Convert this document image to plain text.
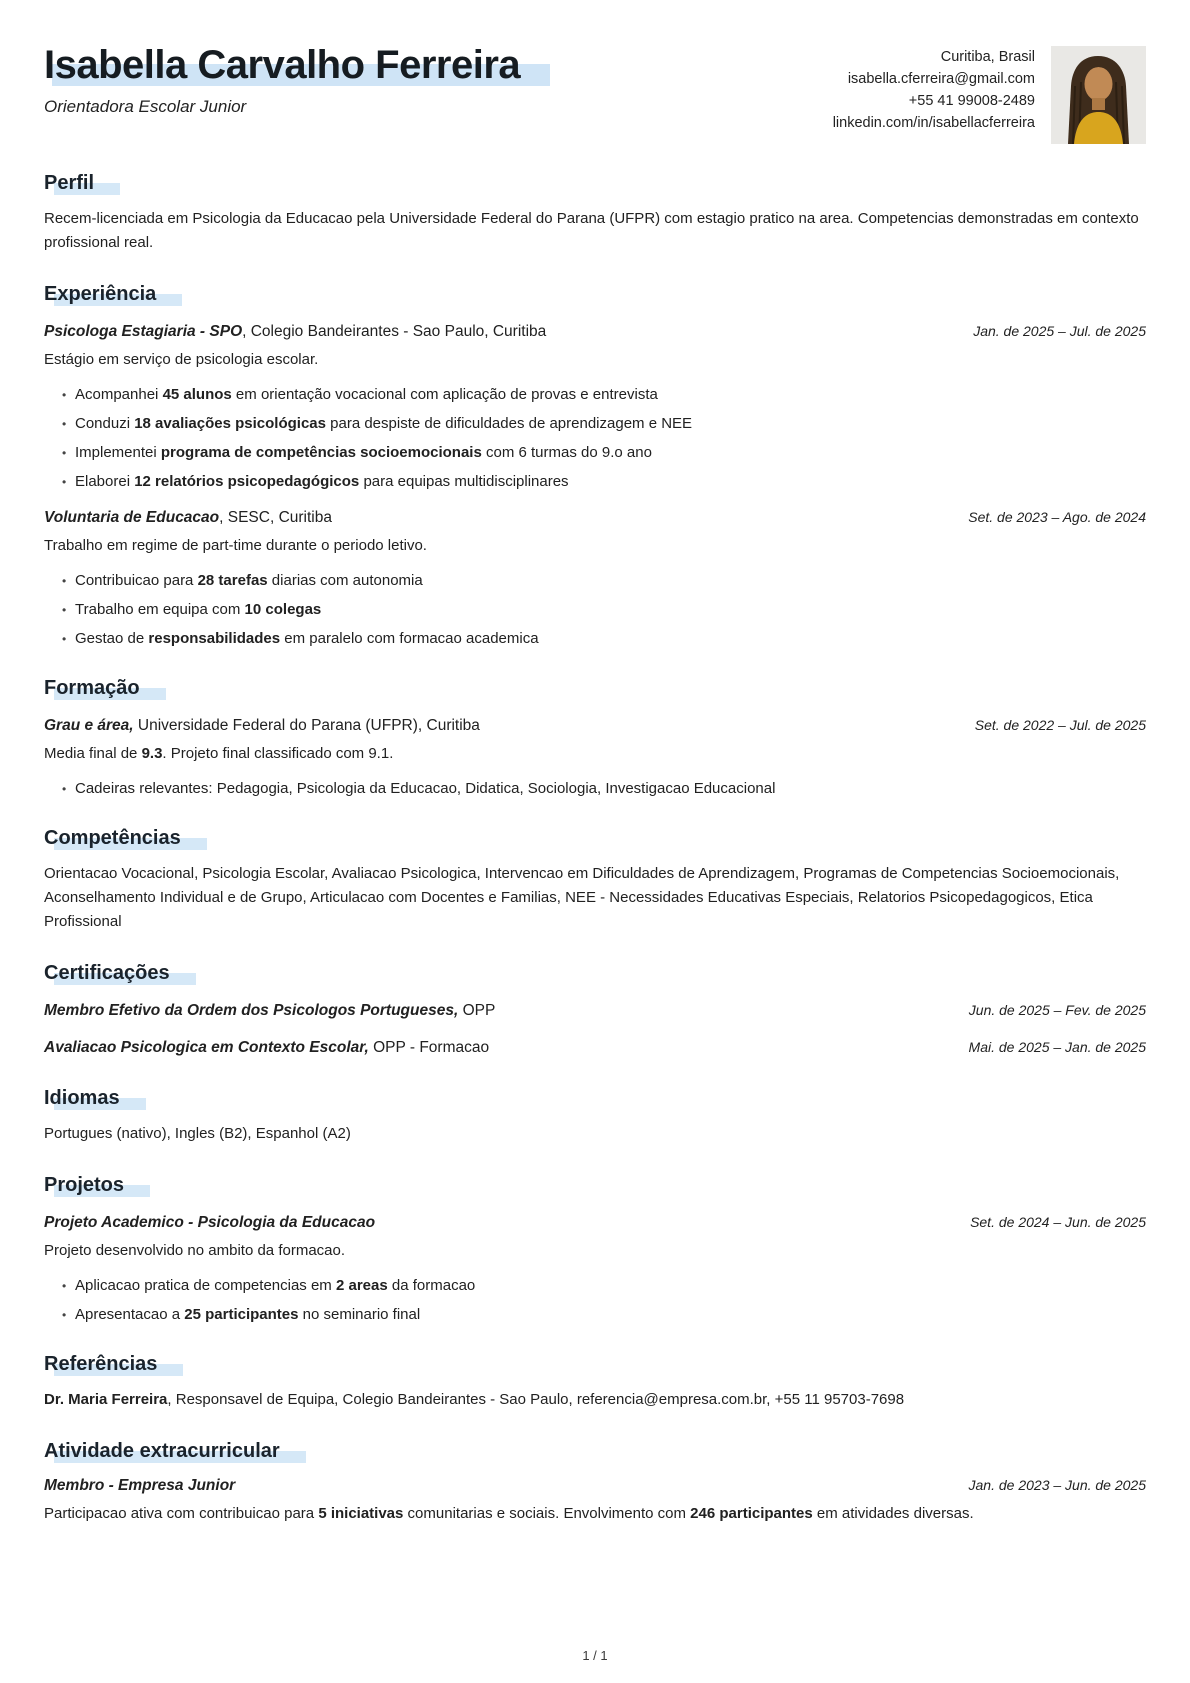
Isabella Carvalho Ferreira
Orientadora Escolar Junior
Curitiba, Brasil
isabella.cferreira@gmail.com
+55 41 99008-2489
linkedin.com/in/isabellacferreira
Perfil

Recem-licenciada em Psicologia da Educacao pela Universidade Federal do Parana (UFPR) com estagio pratico na area. Competencias demonstradas em contexto profissional real.

Experiência
Psicologa Estagiaria - SPO, Colegio Bandeirantes - Sao Paulo, Curitiba	Jan. de 2025 – Jul. de 2025
Estágio em serviço de psicologia escolar.
• Acompanhei 45 alunos em orientação vocacional com aplicação de provas e entrevista
• Conduzi 18 avaliações psicológicas para despiste de dificuldades de aprendizagem e NEE
• Implementei programa de competências socioemocionais com 6 turmas do 9.o ano
• Elaborei 12 relatórios psicopedagógicos para equipas multidisciplinares
Voluntaria de Educacao, SESC, Curitiba	Set. de 2023 – Ago. de 2024
Trabalho em regime de part-time durante o periodo letivo.
• Contribuicao para 28 tarefas diarias com autonomia
• Trabalho em equipa com 10 colegas
• Gestao de responsabilidades em paralelo com formacao academica
Formação
Grau e área, Universidade Federal do Parana (UFPR), Curitiba	Set. de 2022 – Jul. de 2025
Media final de 9.3. Projeto final classificado com 9.1.
• Cadeiras relevantes: Pedagogia, Psicologia da Educacao, Didatica, Sociologia, Investigacao Educacional
Competências

Orientacao Vocacional, Psicologia Escolar, Avaliacao Psicologica, Intervencao em Dificuldades de Aprendizagem, Programas de Competencias Socioemocionais, Aconselhamento Individual e de Grupo, Articulacao com Docentes e Familias, NEE - Necessidades Educativas Especiais, Relatorios Psicopedagogicos, Etica Profissional

Certificações
Membro Efetivo da Ordem dos Psicologos Portugueses, OPP	Jun. de 2025 – Fev. de 2025
Avaliacao Psicologica em Contexto Escolar, OPP - Formacao	Mai. de 2025 – Jan. de 2025
Idiomas

Portugues (nativo), Ingles (B2), Espanhol (A2)

Projetos
Projeto Academico - Psicologia da Educacao	Set. de 2024 – Jun. de 2025
Projeto desenvolvido no ambito da formacao.
• Aplicacao pratica de competencias em 2 areas da formacao
• Apresentacao a 25 participantes no seminario final
Referências

Dr. Maria Ferreira, Responsavel de Equipa, Colegio Bandeirantes - Sao Paulo, referencia@empresa.com.br, +55 11 95703-7698

Atividade extracurricular
Membro - Empresa Junior	Jan. de 2023 – Jun. de 2025
Participacao ativa com contribuicao para 5 iniciativas comunitarias e sociais. Envolvimento com 246 participantes em atividades diversas.
1 / 1
